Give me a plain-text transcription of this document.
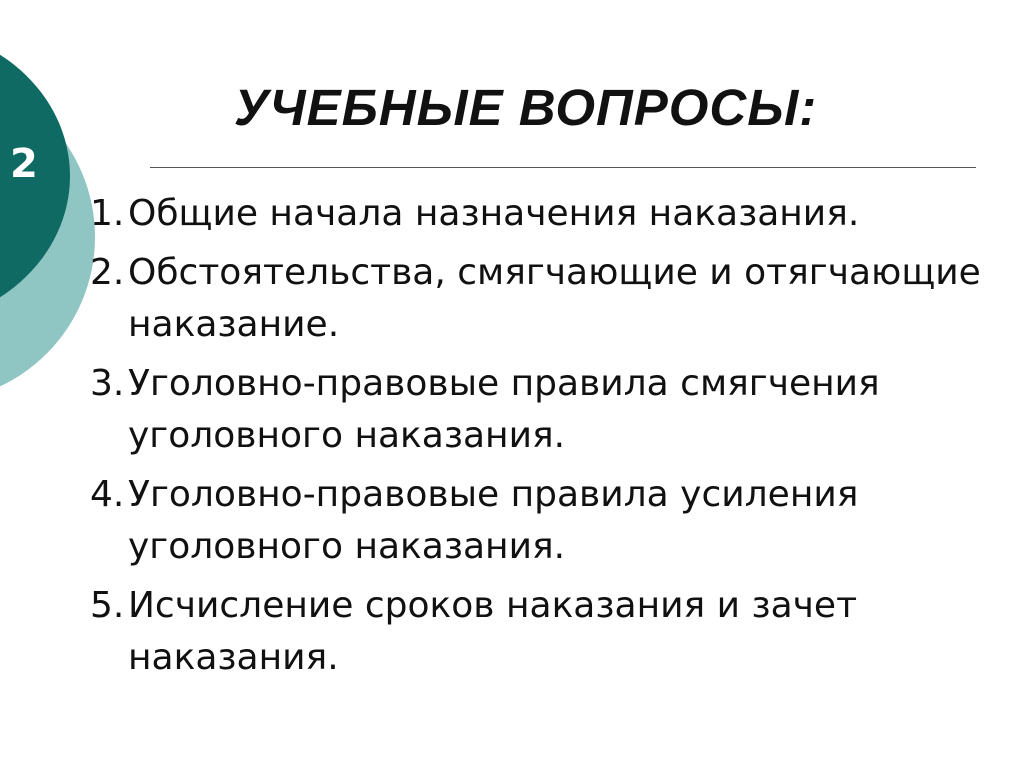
2
УЧЕБНЫЕ ВОПРОСЫ:
1. Общие начала назначения наказания.
2. Обстоятельства, смягчающие и отягчающие наказание.
3. Уголовно-правовые правила смягчения уголовного наказания.
4. Уголовно-правовые правила усиления уголовного наказания.
5. Исчисление сроков наказания и зачет наказания.
